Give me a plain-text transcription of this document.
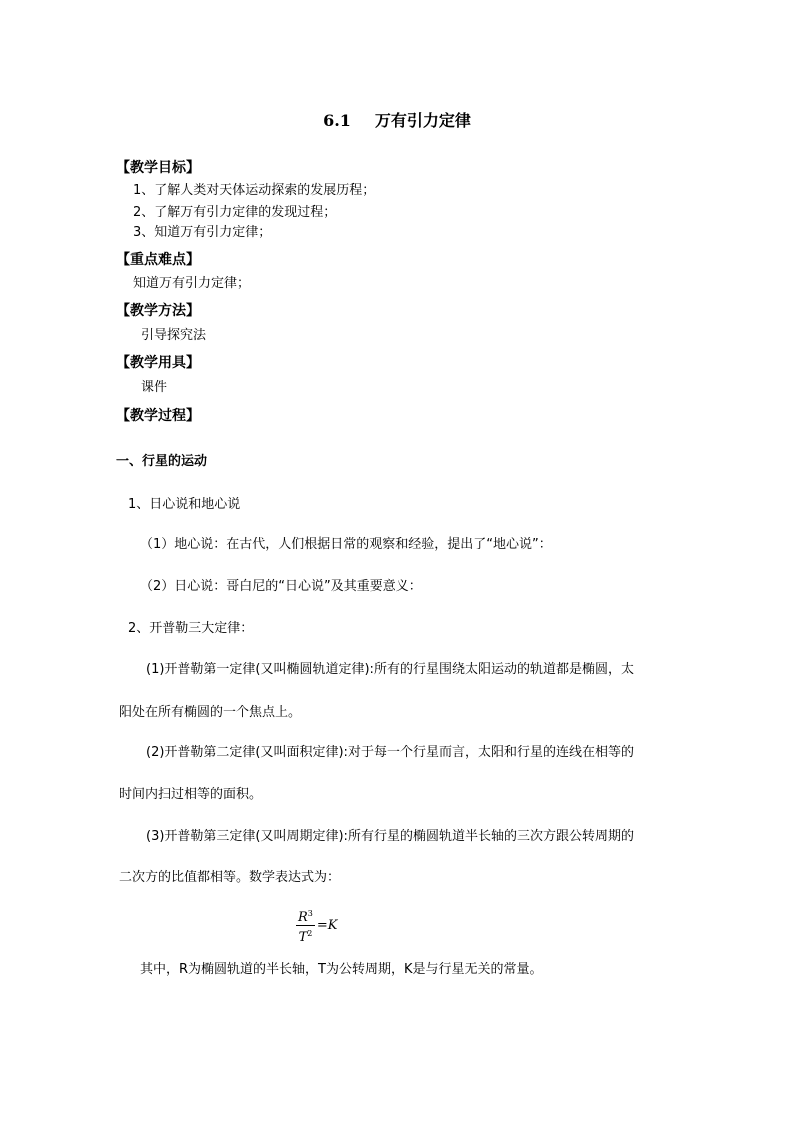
6.1 万有引力定律
【教学目标】
1、了解人类对天体运动探索的发展历程；
2、了解万有引力定律的发现过程；
3、知道万有引力定律；
【重点难点】
知道万有引力定律；
【教学方法】
引导探究法
【教学用具】
课件
【教学过程】
一、行星的运动
1、日心说和地心说
（1）地心说：在古代，人们根据日常的观察和经验，提出了“地心说”：
（2）日心说：哥白尼的“日心说”及其重要意义：
2、开普勒三大定律：
(1)开普勒第一定律(又叫椭圆轨道定律):所有的行星围绕太阳运动的轨道都是椭圆，太
阳处在所有椭圆的一个焦点上。
(2)开普勒第二定律(又叫面积定律):对于每一个行星而言，太阳和行星的连线在相等的
时间内扫过相等的面积。
(3)开普勒第三定律(又叫周期定律):所有行星的椭圆轨道半长轴的三次方跟公转周期的
二次方的比值都相等。数学表达式为：
$\frac{R^3}{T^2} =K$
其中，R为椭圆轨道的半长轴，T为公转周期，K是与行星无关的常量。
